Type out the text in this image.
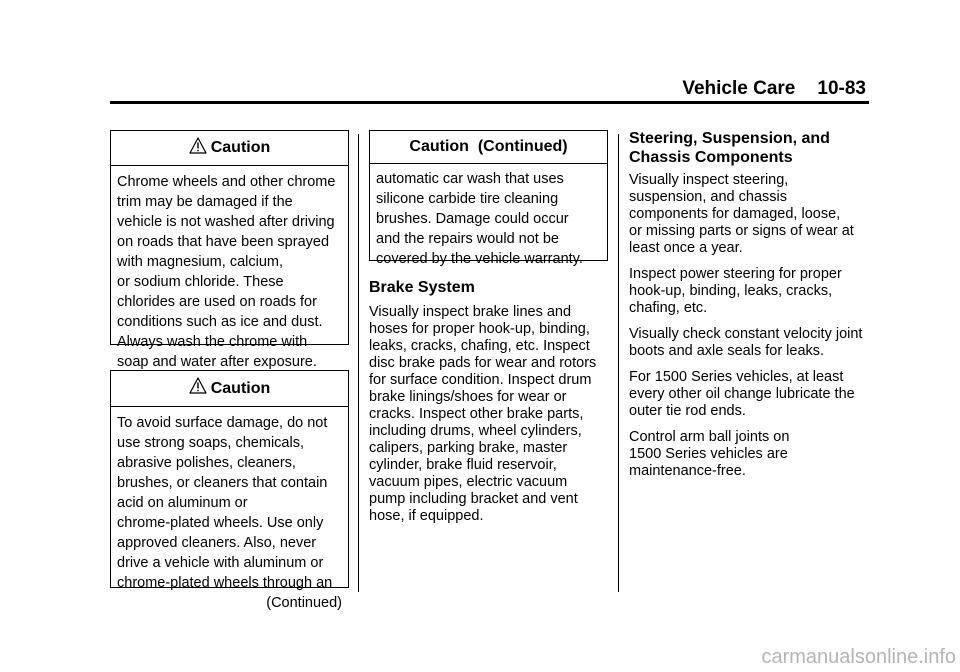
Vehicle Care 10-83
Caution
Chrome wheels and other chrome
trim may be damaged if the
vehicle is not washed after driving
on roads that have been sprayed
with magnesium, calcium,
or sodium chloride. These
chlorides are used on roads for
conditions such as ice and dust.
Always wash the chrome with
soap and water after exposure.
Caution
To avoid surface damage, do not
use strong soaps, chemicals,
abrasive polishes, cleaners,
brushes, or cleaners that contain
acid on aluminum or
chrome-plated wheels. Use only
approved cleaners. Also, never
drive a vehicle with aluminum or
chrome-plated wheels through an
(Continued)
Caution  (Continued)
automatic car wash that uses
silicone carbide tire cleaning
brushes. Damage could occur
and the repairs would not be
covered by the vehicle warranty.
Brake System
Visually inspect brake lines and
hoses for proper hook-up, binding,
leaks, cracks, chafing, etc. Inspect
disc brake pads for wear and rotors
for surface condition. Inspect drum
brake linings/shoes for wear or
cracks. Inspect other brake parts,
including drums, wheel cylinders,
calipers, parking brake, master
cylinder, brake fluid reservoir,
vacuum pipes, electric vacuum
pump including bracket and vent
hose, if equipped.
Steering, Suspension, and
Chassis Components

Visually inspect steering,
suspension, and chassis
components for damaged, loose,
or missing parts or signs of wear at
least once a year.

Inspect power steering for proper
hook-up, binding, leaks, cracks,
chafing, etc.

Visually check constant velocity joint
boots and axle seals for leaks.

For 1500 Series vehicles, at least
every other oil change lubricate the
outer tie rod ends.

Control arm ball joints on
1500 Series vehicles are
maintenance-free.

carmanualsonline.info
